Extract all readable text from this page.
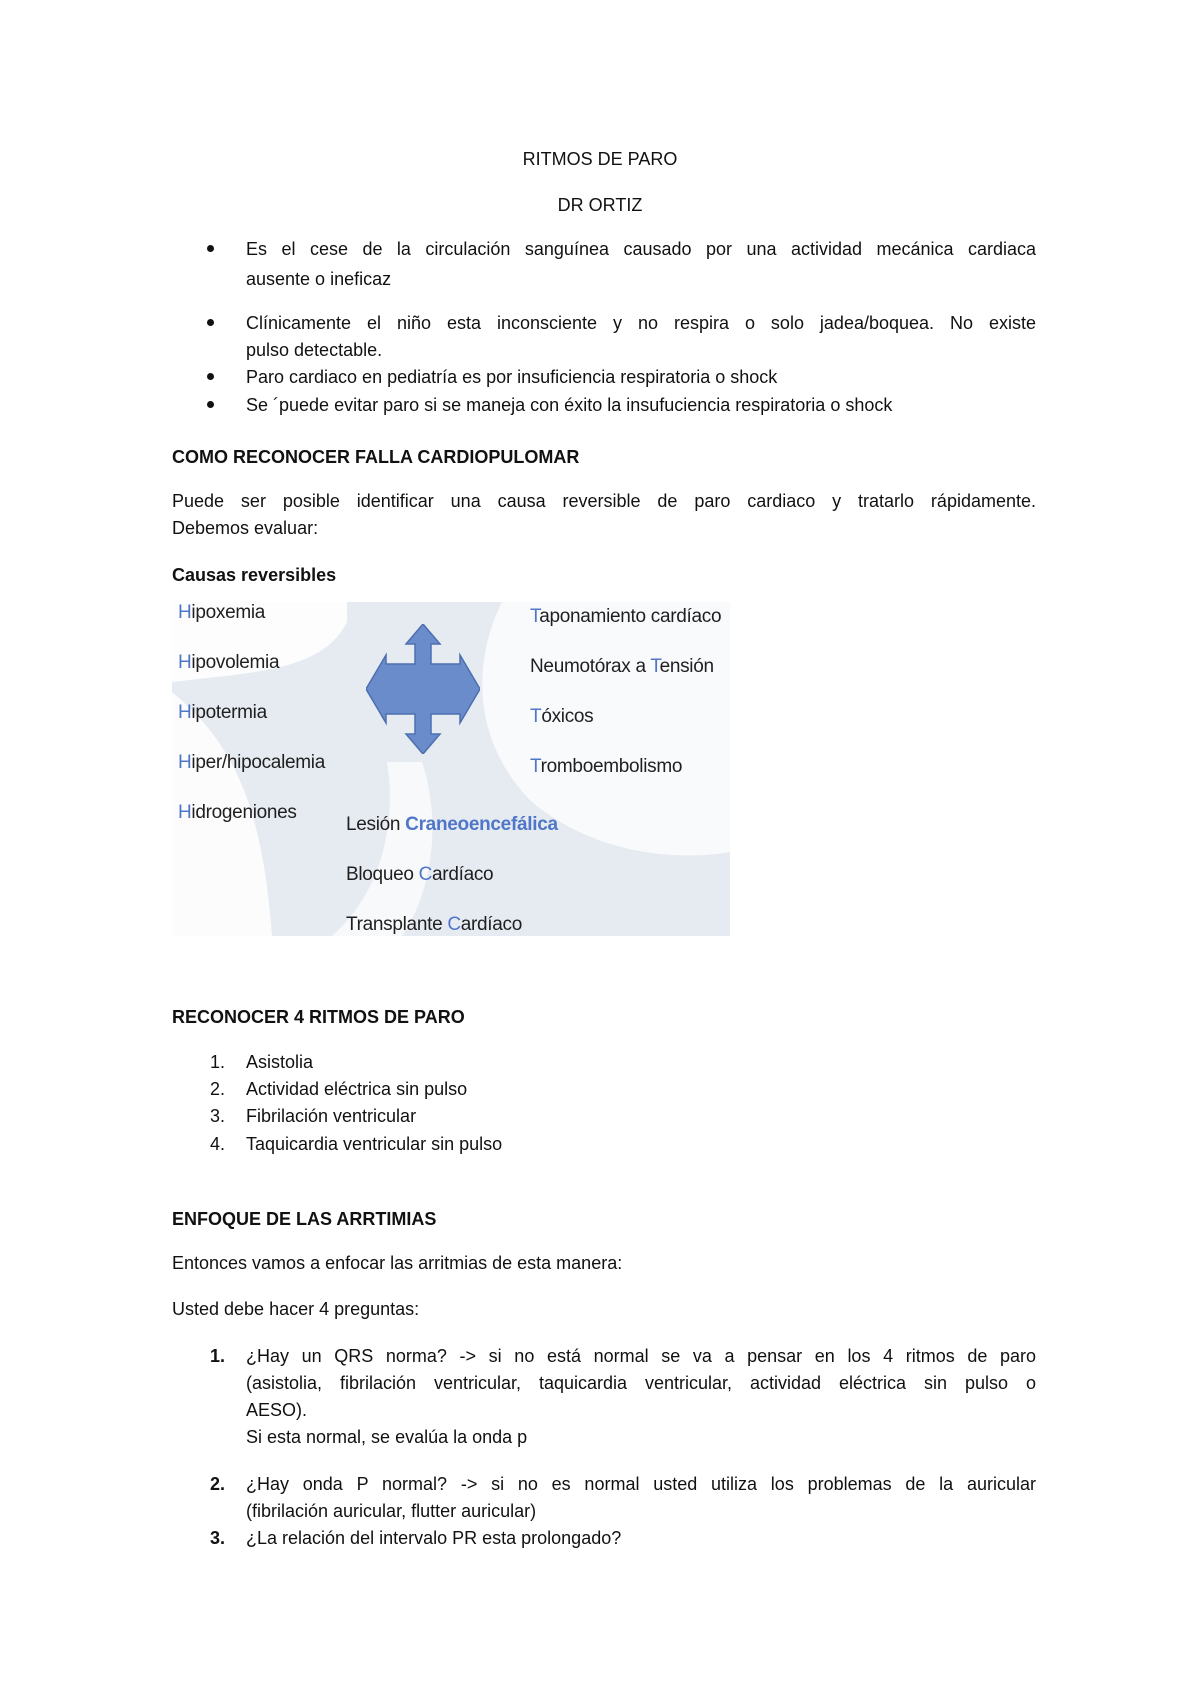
RITMOS DE PARO
DR ORTIZ
Es el cese de la circulación sanguínea causado por una actividad mecánica cardiaca
ausente o ineficaz
Clínicamente el niño esta inconsciente y no respira o solo jadea/boquea. No existe
pulso detectable.
Paro cardiaco en pediatría es por insuficiencia respiratoria o shock
Se ´puede evitar paro si se maneja con éxito la insufuciencia respiratoria o shock
COMO RECONOCER FALLA CARDIOPULOMAR
Puede ser posible identificar una causa reversible de paro cardiaco y tratarlo rápidamente.
Debemos evaluar:
Causas reversibles
Hipoxemia
Hipovolemia
Hipotermia
Hiper/hipocalemia
Hidrogeniones
Taponamiento cardíaco
Neumotórax a Tensión
Tóxicos
Tromboembolismo
Lesión Craneoencefálica
Bloqueo Cardíaco
Transplante Cardíaco
RECONOCER 4 RITMOS DE PARO
1. Asistolia
2. Actividad eléctrica sin pulso
3. Fibrilación ventricular
4. Taquicardia ventricular sin pulso
ENFOQUE DE LAS ARRTIMIAS
Entonces vamos a enfocar las arritmias de esta manera:
Usted debe hacer 4 preguntas:
1. ¿Hay un QRS norma? -> si no está normal se va a pensar en los 4 ritmos de paro
(asistolia, fibrilación ventricular, taquicardia ventricular, actividad eléctrica sin pulso o
AESO).
Si esta normal, se evalúa la onda p
2. ¿Hay onda P normal? -> si no es normal usted utiliza los problemas de la auricular
(fibrilación auricular, flutter auricular)
3. ¿La relación del intervalo PR esta prolongado?
